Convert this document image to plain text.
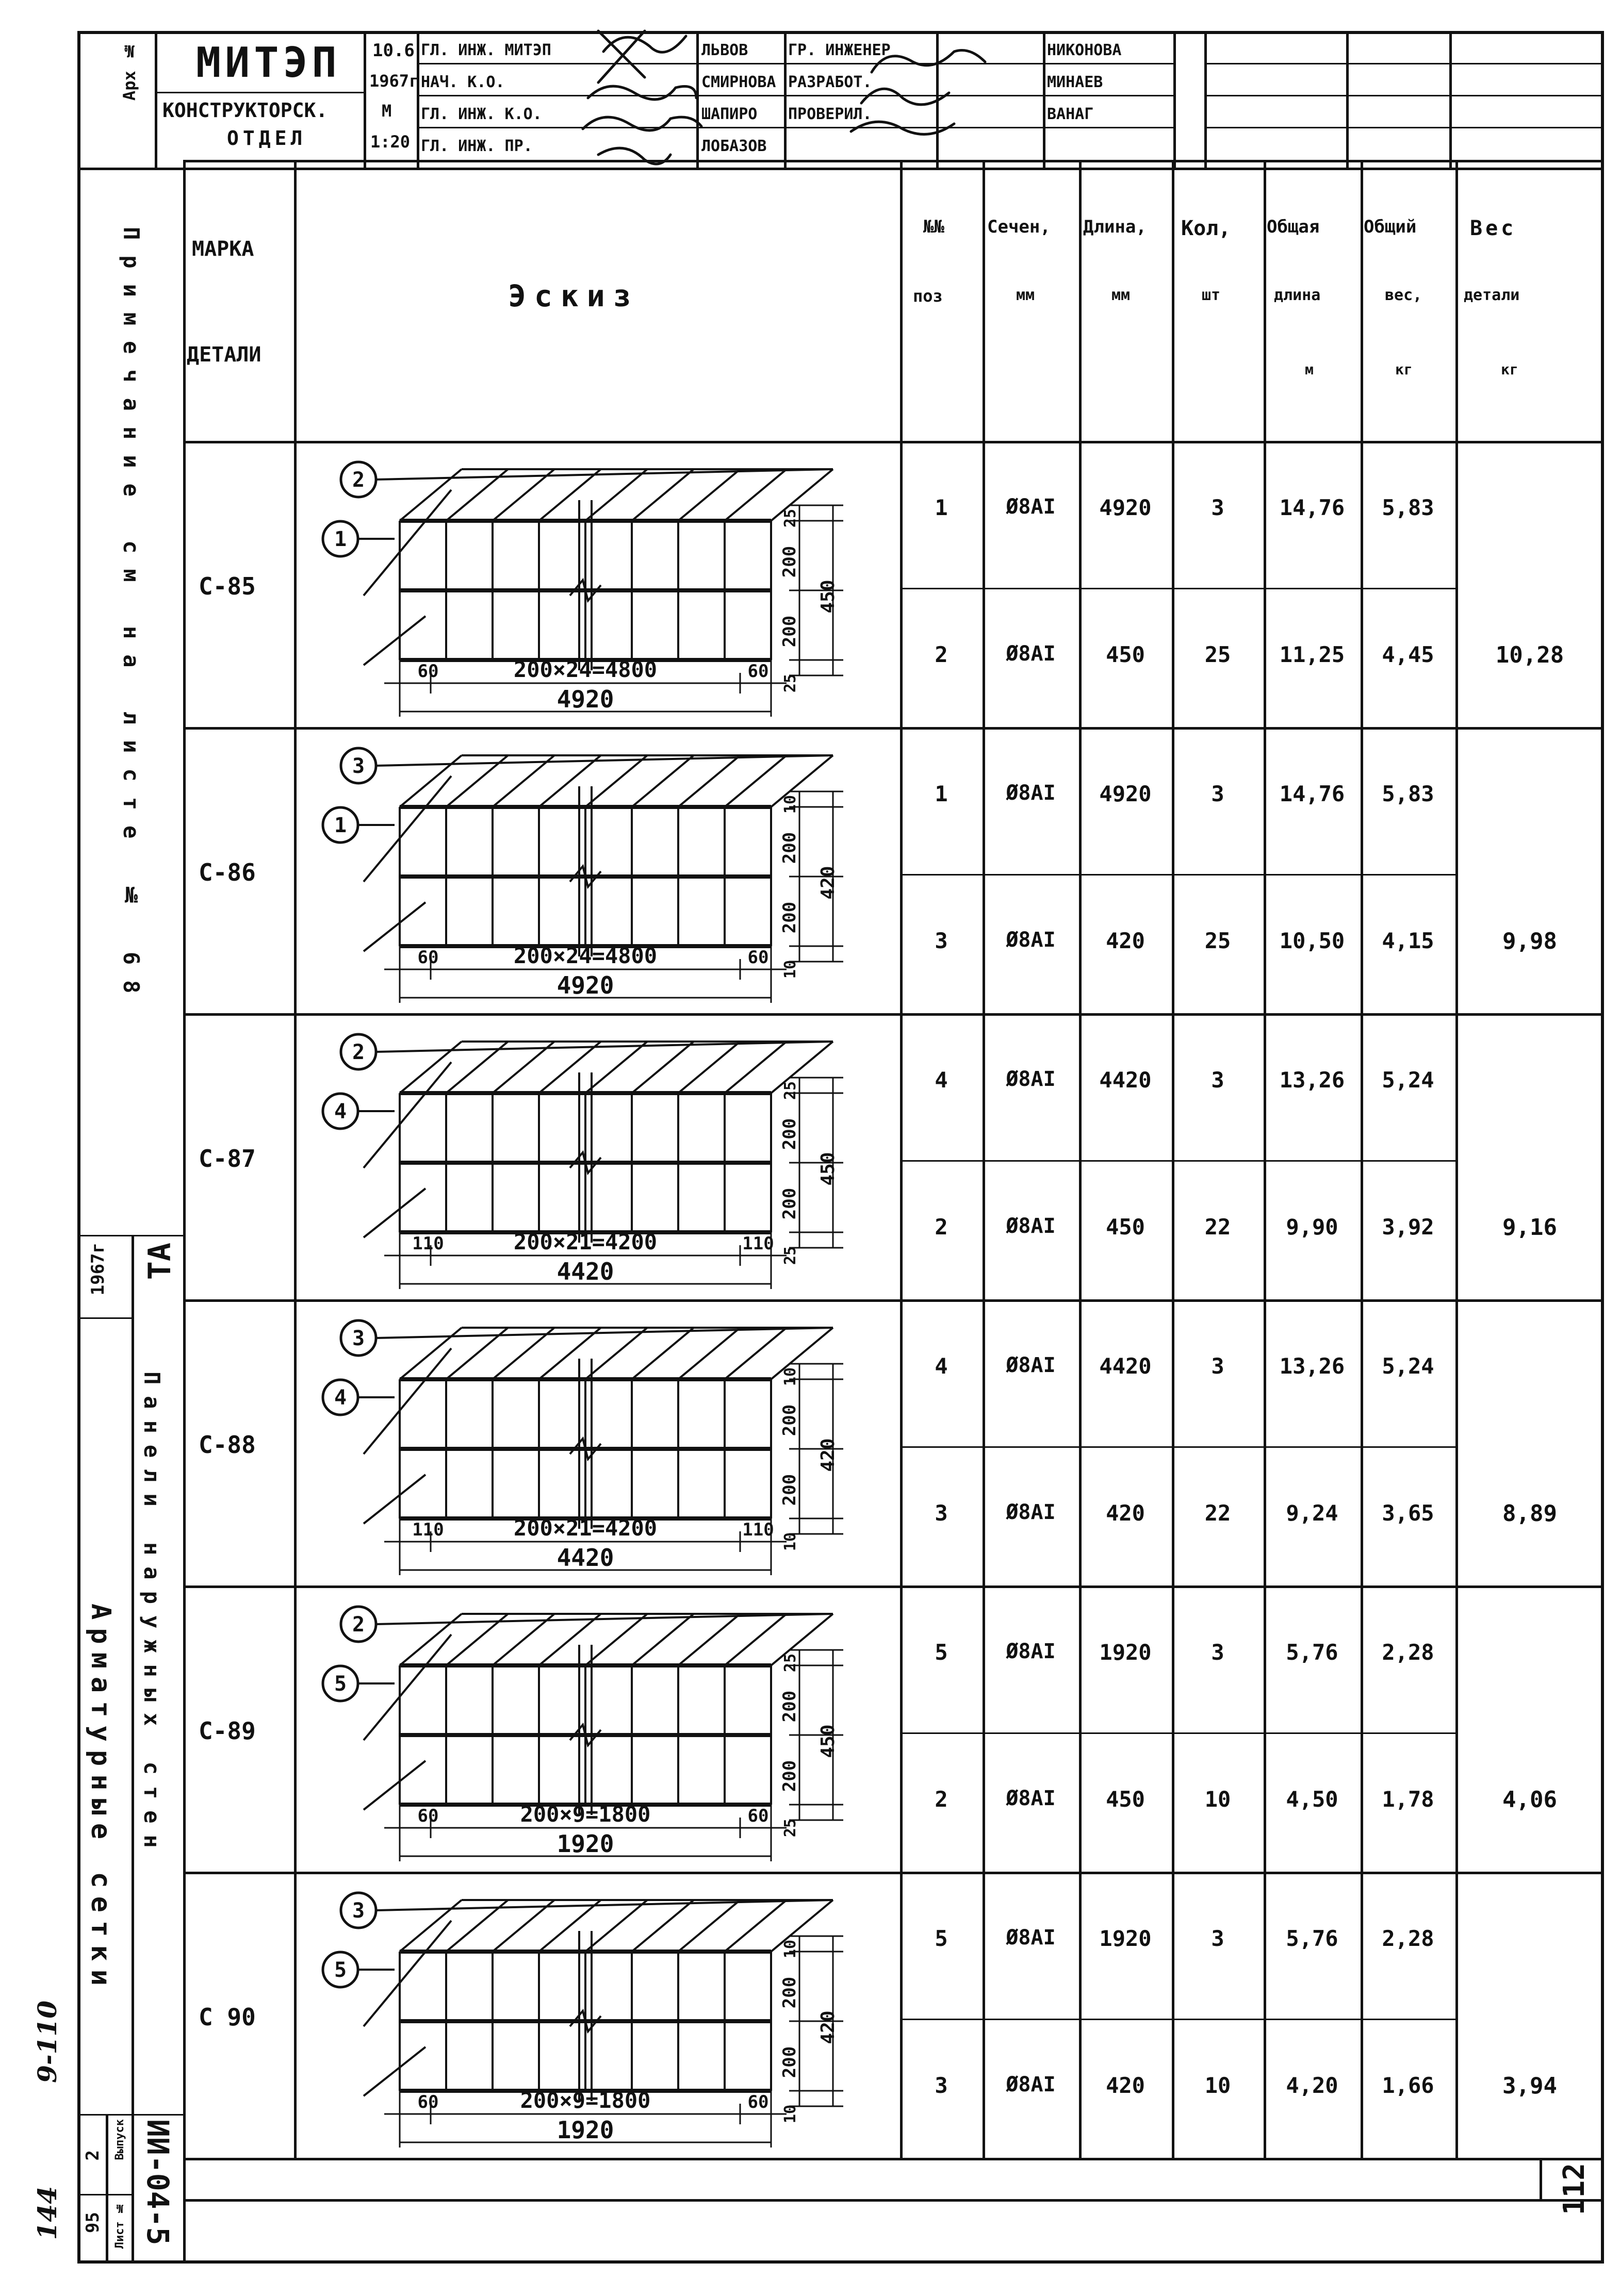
Арх № МИТЭП
КОНСТРУКТОРСК.
ОТДЕЛ
10.6
1967г
М
1:20
ГЛ. ИНЖ. МИТЭП
НАЧ. К.О.
ГЛ. ИНЖ. К.О.
ГЛ. ИНЖ. ПР.
ЛЬВОВ
СМИРНОВА
ШАПИРО
ЛОБАЗОВ
ГР. ИНЖЕНЕР
РАЗРАБОТ.
ПРОВЕРИЛ.
НИКОНОВА
МИНАЕВ
ВАНАГ
Примечание см на листе № 68
ТА
1967г
Панели наружных стен
Арматурные сетки
ИИ-04-5
Выпуск
2
Лист №
95
9-110
144	112
МАРКА
ДЕТАЛИ
Эскиз
№№
поз
Сечен,
мм
Длина,
мм
Кол,
шт
Общая
длина
м
Общий
вес,
кг
Вес
детали
кг
С-85
1	Ø8AI	4920	3	14,76	5,83
2	Ø8AI	450	25	11,25	4,45	10,28
200×24=4800
4920
60	60
25
200
200
25
450
2
1
С-86
1	Ø8AI	4920	3	14,76	5,83
3	Ø8AI	420	25	10,50	4,15	9,98
200×24=4800
4920
60	60
10
200
200
10
420
3
1
С-87
4	Ø8AI	4420	3	13,26	5,24
2	Ø8AI	450	22	9,90	3,92	9,16
200×21=4200
4420
110	110
25
200
200
25
450
2
4
С-88
4	Ø8AI	4420	3	13,26	5,24
3	Ø8AI	420	22	9,24	3,65	8,89
200×21=4200
4420
110	110
10
200
200
10
420
3
4
С-89
5	Ø8AI	1920	3	5,76	2,28
2	Ø8AI	450	10	4,50	1,78	4,06
200×9=1800
1920
60	60
25
200
200
25
450
2
5
С 90
5	Ø8AI	1920	3	5,76	2,28
3	Ø8AI	420	10	4,20	1,66	3,94
200×9=1800
1920
60	60
10
200
200
10
420
3
5
